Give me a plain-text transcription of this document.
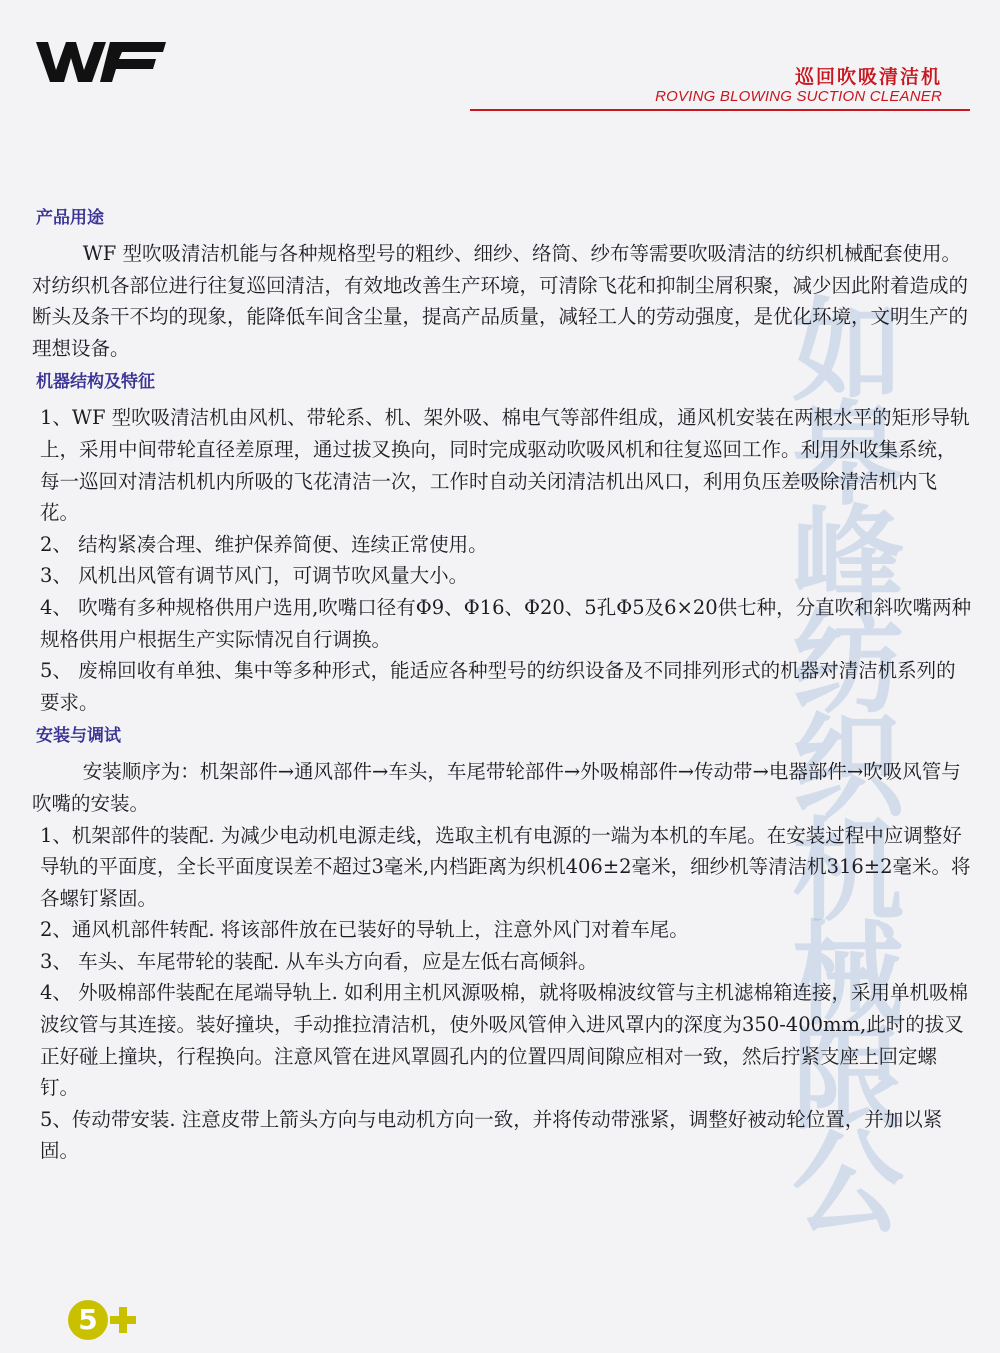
巡回吹吸清洁机
ROVING BLOWING SUCTION CLEANER
如
皋
峰
纺
织
机
械
限
公
产品用途

WF 型吹吸清洁机能与各种规格型号的粗纱、细纱、络筒、纱布等需要吹吸清洁的纺织机械配套使用。对纺织机各部位进行往复巡回清洁，有效地改善生产环境，可清除飞花和抑制尘屑积聚，减少因此附着造成的断头及条干不均的现象，能降低车间含尘量，提高产品质量，减轻工人的劳动强度，是优化环境，文明生产的理想设备。

机器结构及特征

1、WF 型吹吸清洁机由风机、带轮系、机、架外吸、棉电气等部件组成，通风机安装在两根水平的矩形导轨上，采用中间带轮直径差原理，通过拔叉换向，同时完成驱动吹吸风机和往复巡回工作。利用外收集系统，每一巡回对清洁机机内所吸的飞花清洁一次，工作时自动关闭清洁机出风口，利用负压差吸除清洁机内飞花。

2、 结构紧凑合理、维护保养简便、连续正常使用。

3、 风机出风管有调节风门，可调节吹风量大小。

4、 吹嘴有多种规格供用户选用,吹嘴口径有Φ9、Φ16、Φ20、5孔Φ5及6×20供七种，分直吹和斜吹嘴两种规格供用户根据生产实际情况自行调换。

5、 废棉回收有单独、集中等多种形式，能适应各种型号的纺织设备及不同排列形式的机器对清洁机系列的要求。

安装与调试

安装顺序为：机架部件→通风部件→车头，车尾带轮部件→外吸棉部件→传动带→电器部件→吹吸风管与吹嘴的安装。

1、机架部件的装配. 为减少电动机电源走线，选取主机有电源的一端为本机的车尾。在安装过程中应调整好导轨的平面度，全长平面度误差不超过3毫米,内档距离为织机406±2毫米，细纱机等清洁机316±2毫米。将各螺钉紧固。

2、通风机部件转配. 将该部件放在已装好的导轨上，注意外风门对着车尾。

3、 车头、车尾带轮的装配. 从车头方向看，应是左低右高倾斜。

4、 外吸棉部件装配在尾端导轨上. 如利用主机风源吸棉，就将吸棉波纹管与主机滤棉箱连接，采用单机吸棉波纹管与其连接。装好撞块，手动推拉清洁机，使外吸风管伸入进风罩内的深度为350-400mm,此时的拔叉正好碰上撞块，行程换向。注意风管在进风罩圆孔内的位置四周间隙应相对一致，然后拧紧支座上回定螺钉。

5、传动带安装. 注意皮带上箭头方向与电动机方向一致，并将传动带涨紧，调整好被动轮位置，并加以紧固。

5
